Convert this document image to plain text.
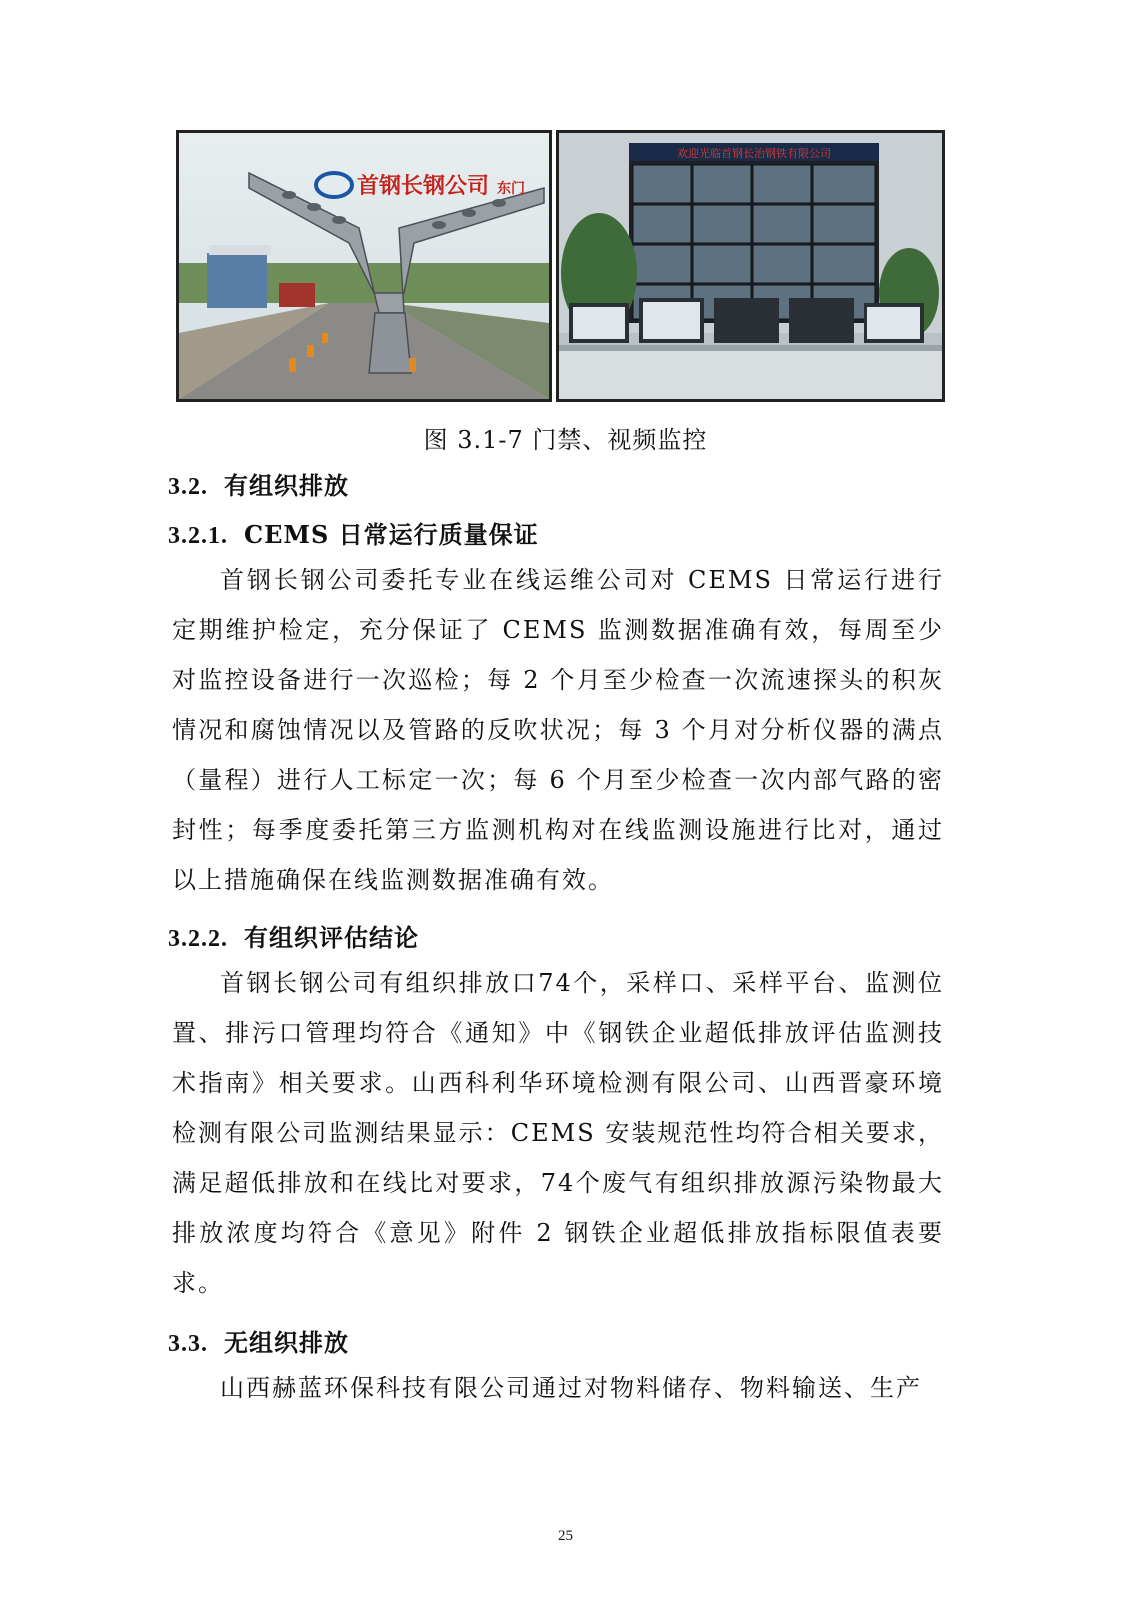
首钢长钢公司 东门
欢迎光临首钢长治钢铁有限公司
图 3.1-7 门禁、视频监控
3.2. 有组织排放
3.2.1. CEMS 日常运行质量保证

首钢长钢公司委托专业在线运维公司对 CEMS 日常运行进行定期维护检定，充分保证了 CEMS 监测数据准确有效，每周至少对监控设备进行一次巡检；每 2 个月至少检查一次流速探头的积灰情况和腐蚀情况以及管路的反吹状况；每 3 个月对分析仪器的满点（量程）进行人工标定一次；每 6 个月至少检查一次内部气路的密封性；每季度委托第三方监测机构对在线监测设施进行比对，通过以上措施确保在线监测数据准确有效。

3.2.2. 有组织评估结论

首钢长钢公司有组织排放口74个，采样口、采样平台、监测位置、排污口管理均符合《通知》中《钢铁企业超低排放评估监测技术指南》相关要求。山西科利华环境检测有限公司、山西晋豪环境检测有限公司监测结果显示：CEMS 安装规范性均符合相关要求，满足超低排放和在线比对要求，74个废气有组织排放源污染物最大排放浓度均符合《意见》附件 2 钢铁企业超低排放指标限值表要求。

3.3. 无组织排放

山西赫蓝环保科技有限公司通过对物料储存、物料输送、生产

25
